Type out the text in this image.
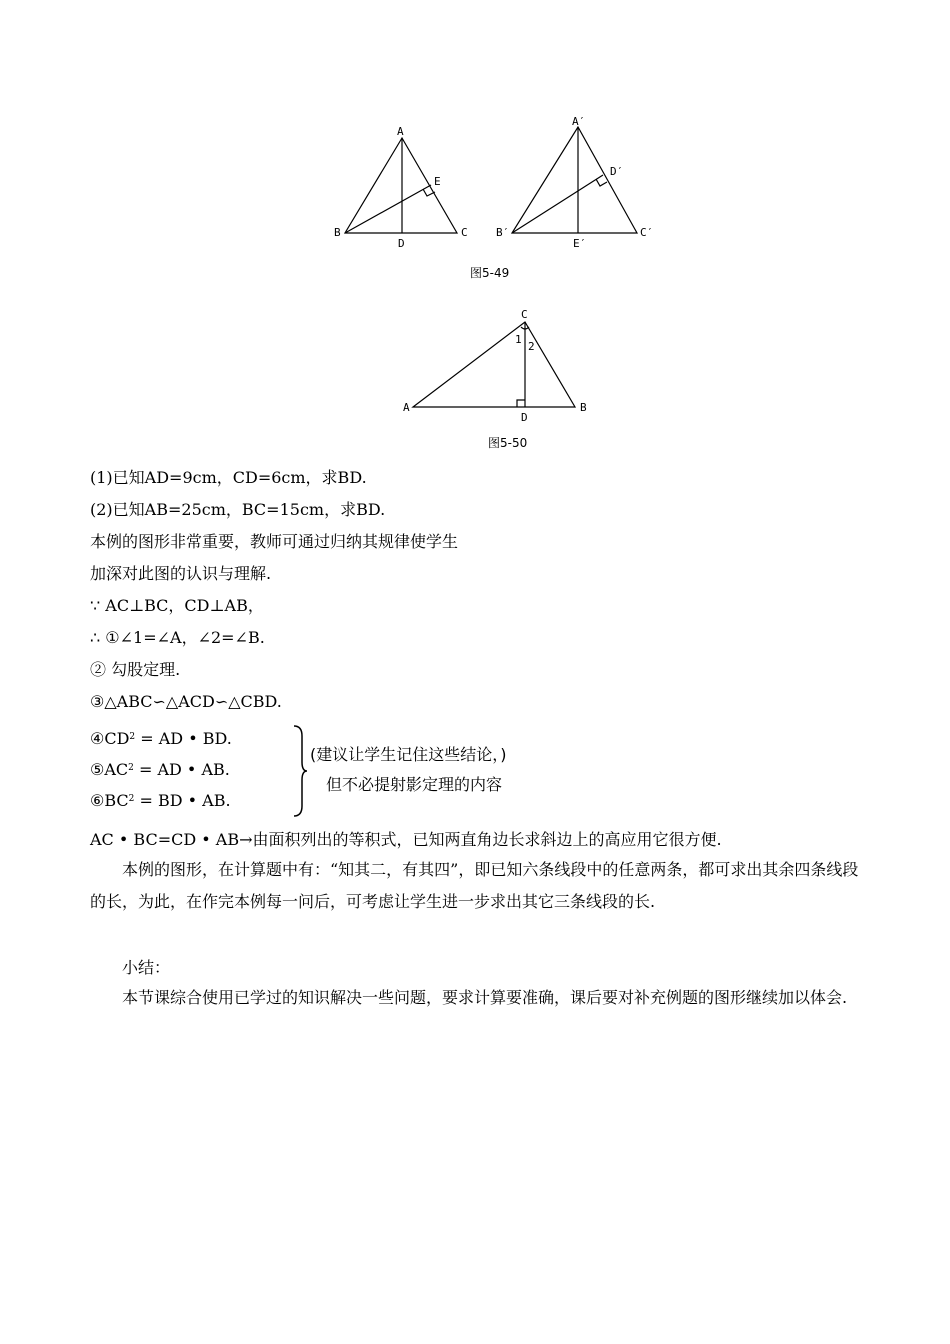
A
B	C
D
E
A′
B′	C′
E′
D′
图5-49
C
A	B
D
1
2
图5-50
(1)已知AD=9cm，CD=6cm，求BD.
(2)已知AB=25cm，BC=15cm，求BD.
本例的图形非常重要，教师可通过归纳其规律使学生
加深对此图的认识与理解.
∵ AC⊥BC，CD⊥AB，
∴ ①∠1=∠A，∠2=∠B.
② 勾股定理.
③△ABC∽△ACD∽△CBD.
$④CD^2$ = AD • BD.
$⑤AC^2$ = AD • AB.
$⑥BC^2$ = BD • AB.
(建议让学生记住这些结论，)
但不必提射影定理的内容
AC • BC=CD • AB→由面积列出的等积式，已知两直角边长求斜边上的高应用它很方便.
本例的图形，在计算题中有：“知其二，有其四”，即已知六条线段中的任意两条，都可求出其余四条线段的长，为此，在作完本例每一问后，可考虑让学生进一步求出其它三条线段的长.
小结：
本节课综合使用已学过的知识解决一些问题，要求计算要准确，课后要对补充例题的图形继续加以体会.
